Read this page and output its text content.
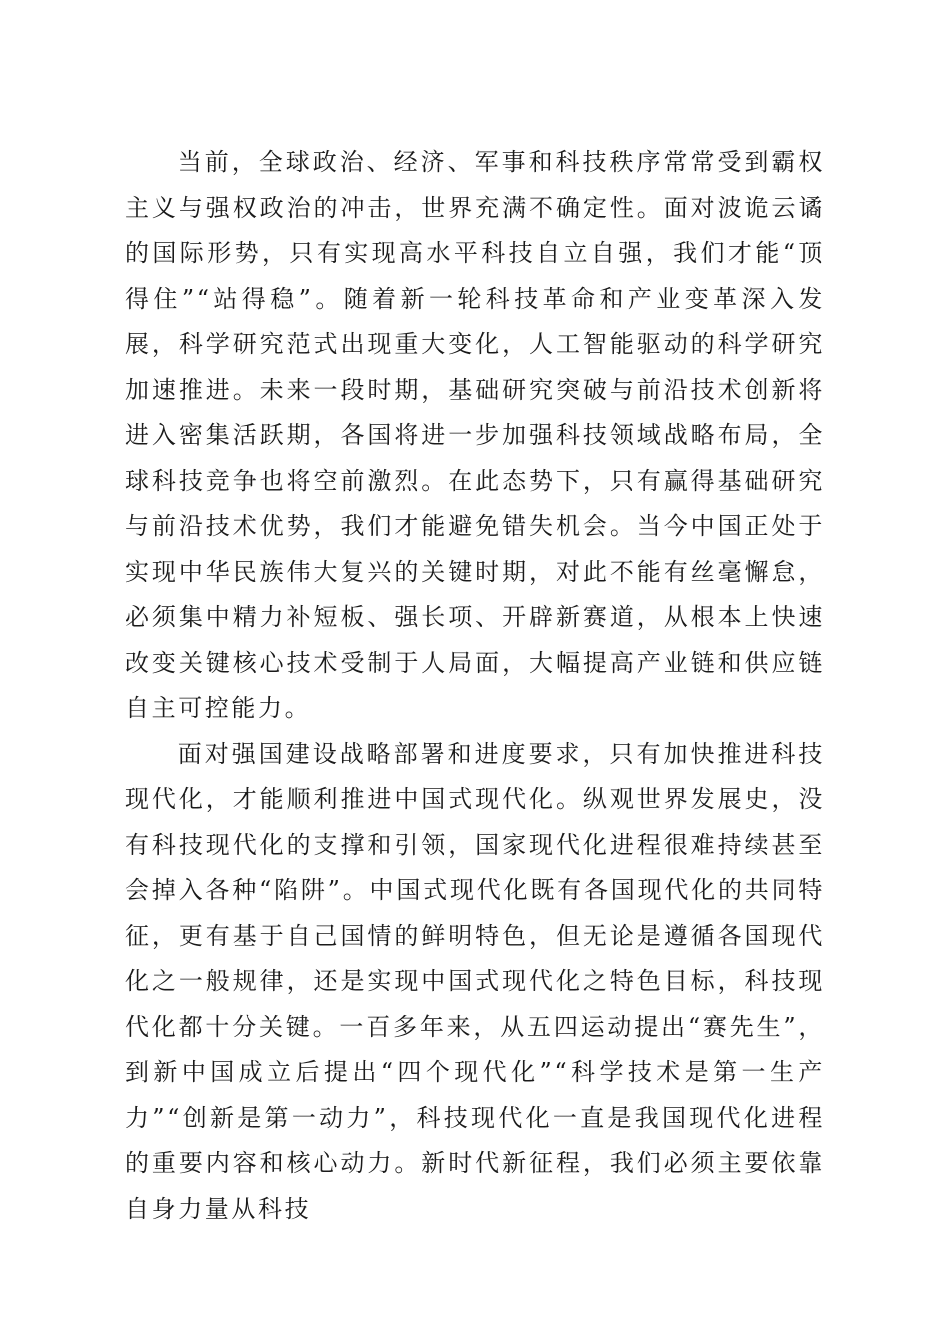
当前，全球政治、经济、军事和科技秩序常常受到霸权主义与强权政治的冲击，世界充满不确定性。面对波诡云谲的国际形势，只有实现高水平科技自立自强，我们才能“顶得住”“站得稳”。随着新一轮科技革命和产业变革深入发展，科学研究范式出现重大变化，人工智能驱动的科学研究加速推进。未来一段时期，基础研究突破与前沿技术创新将进入密集活跃期，各国将进一步加强科技领域战略布局，全球科技竞争也将空前激烈。在此态势下，只有赢得基础研究与前沿技术优势，我们才能避免错失机会。当今中国正处于实现中华民族伟大复兴的关键时期，对此不能有丝毫懈怠，必须集中精力补短板、强长项、开辟新赛道，从根本上快速改变关键核心技术受制于人局面，大幅提高产业链和供应链自主可控能力。

面对强国建设战略部署和进度要求，只有加快推进科技现代化，才能顺利推进中国式现代化。纵观世界发展史，没有科技现代化的支撑和引领，国家现代化进程很难持续甚至会掉入各种“陷阱”。中国式现代化既有各国现代化的共同特征，更有基于自己国情的鲜明特色，但无论是遵循各国现代化之一般规律，还是实现中国式现代化之特色目标，科技现代化都十分关键。一百多年来，从五四运动提出“赛先生”，到新中国成立后提出“四个现代化”“科学技术是第一生产力”“创新是第一动力”，科技现代化一直是我国现代化进程的重要内容和核心动力。新时代新征程，我们必须主要依靠自身力量从科技
